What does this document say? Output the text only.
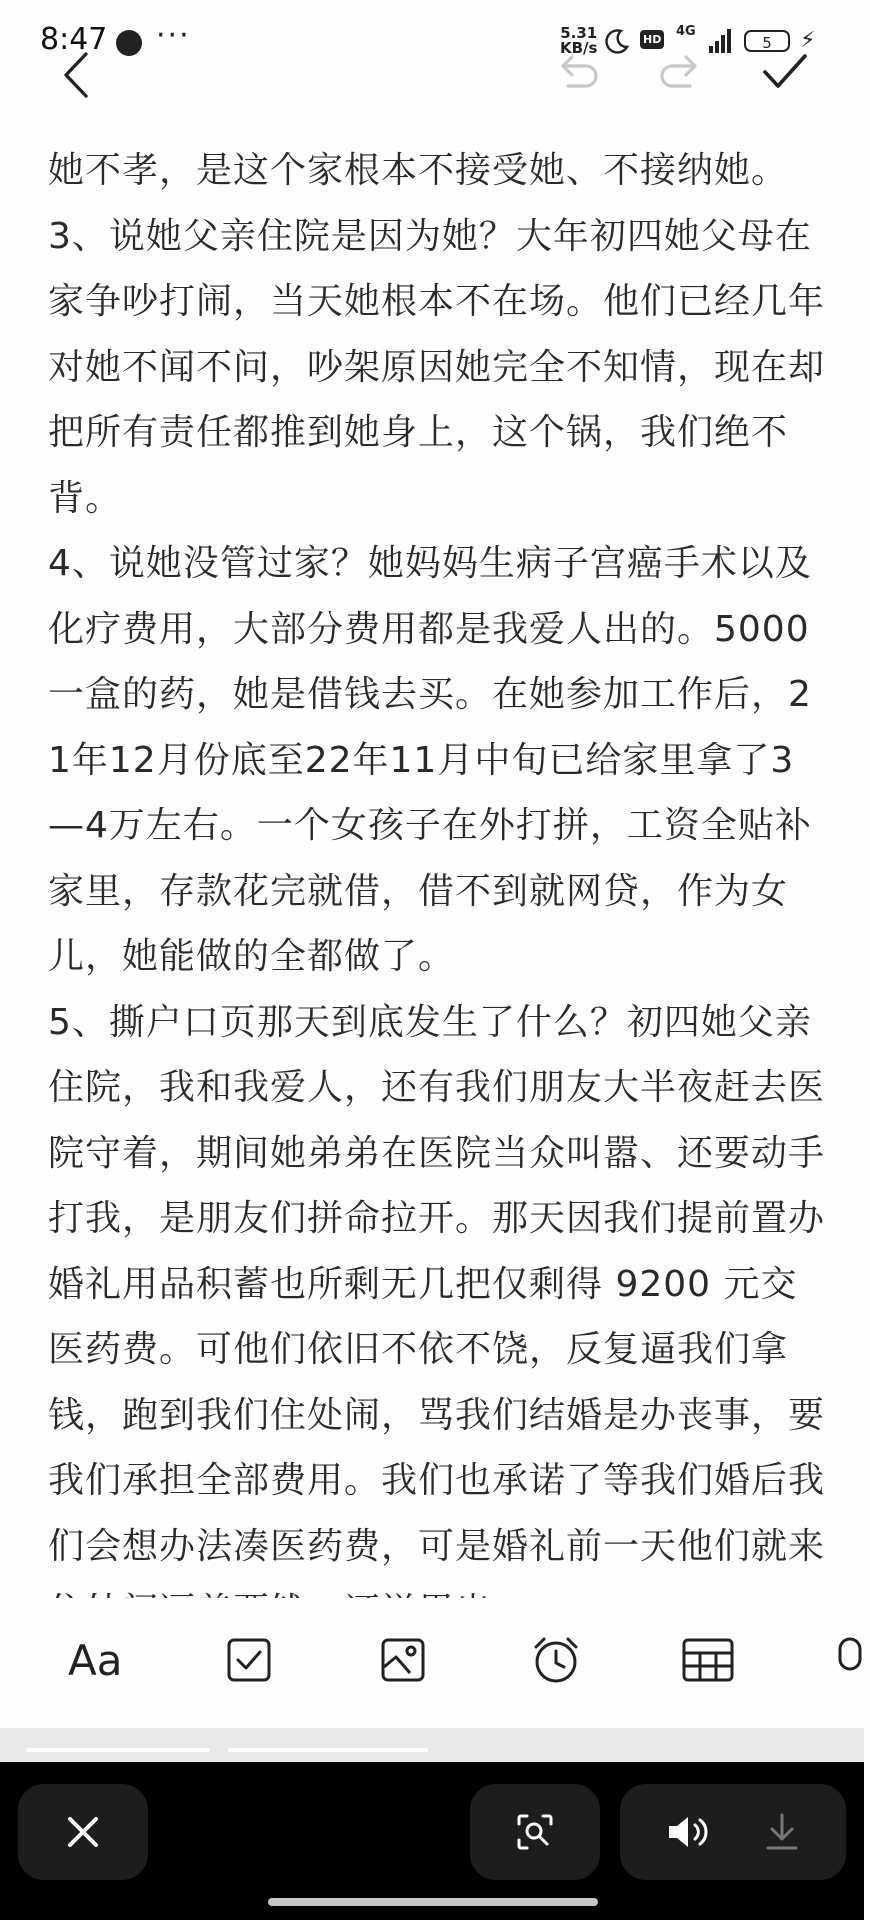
8:47 ···	5.31
KB/s	HD
4G
5	⚡

她不孝，是这个家根本不接受她、不接纳她。

3、说她父亲住院是因为她？大年初四她父母在家争吵打闹，当天她根本不在场。他们已经几年对她不闻不问，吵架原因她完全不知情，现在却把所有责任都推到她身上，这个锅，我们绝不背。

4、说她没管过家？她妈妈生病子宫癌手术以及化疗费用，大部分费用都是我爱人出的。5000 一盒的药，她是借钱去买。在她参加工作后，21年12月份底至22年11月中旬已给家里拿了3—4万左右。一个女孩子在外打拼，工资全贴补家里，存款花完就借，借不到就网贷，作为女儿，她能做的全都做了。

5、撕户口页那天到底发生了什么？初四她父亲住院，我和我爱人，还有我们朋友大半夜赶去医院守着，期间她弟弟在医院当众叫嚣、还要动手打我，是朋友们拼命拉开。那天因我们提前置办婚礼用品积蓄也所剩无几把仅剩得 9200 元交医药费。可他们依旧不依不饶，反复逼我们拿钱，跑到我们住处闹，骂我们结婚是办丧事，要我们承担全部费用。我们也承诺了等我们婚后我们会想办法凑医药费，可是婚礼前一天他们就来

Aa
